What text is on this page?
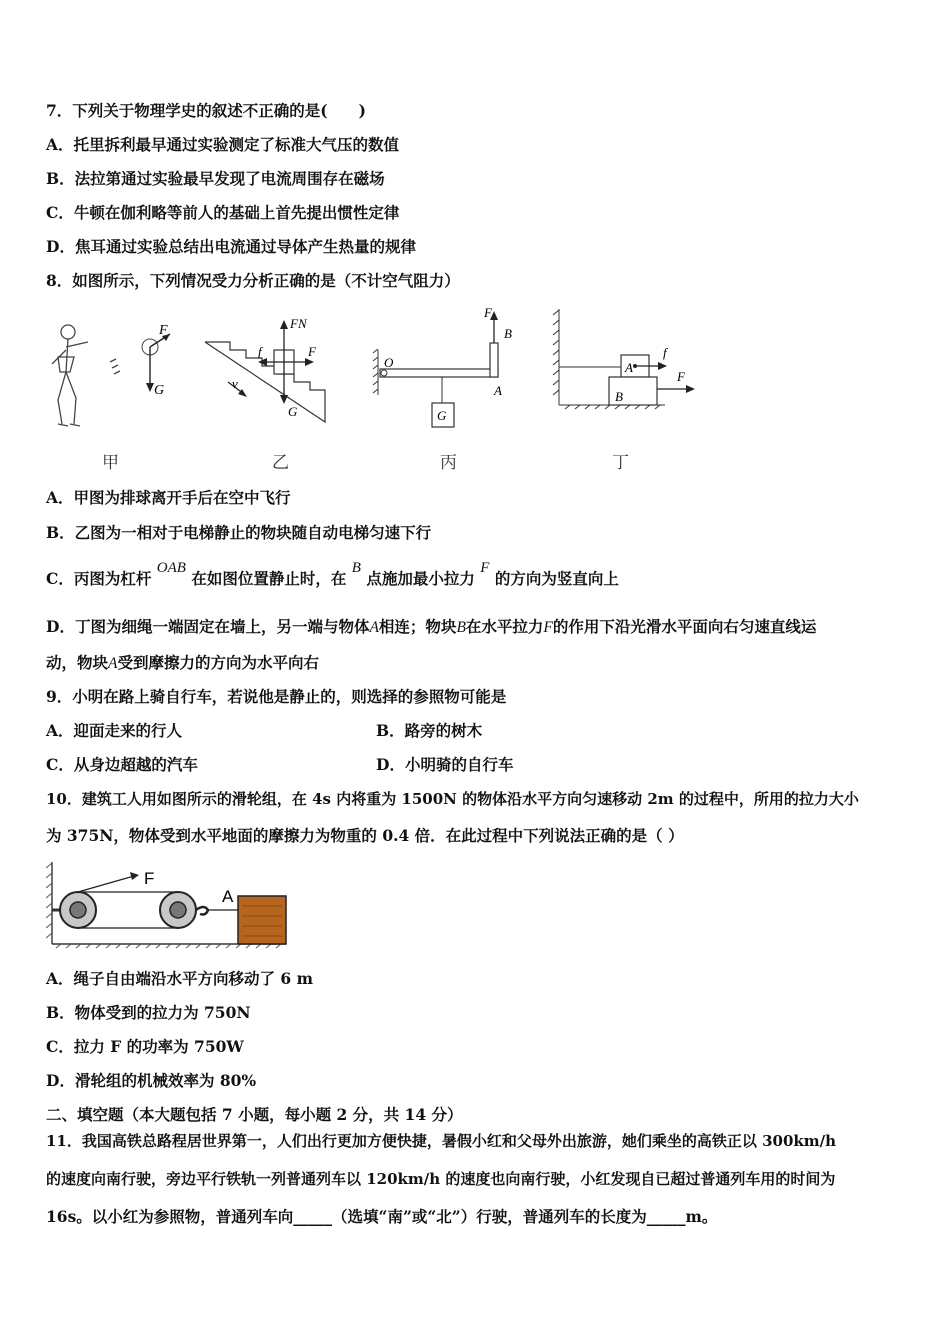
7．下列关于物理学史的叙述不正确的是(　　)
A．托里拆利最早通过实验测定了标准大气压的数值
B．法拉第通过实验最早发现了电流周围存在磁场
C．牛顿在伽利略等前人的基础上首先提出惯性定律
D．焦耳通过实验总结出电流通过导体产生热量的规律
8．如图所示，下列情况受力分析正确的是（不计空气阻力）
F
G
甲
FN
f	F
G
v
乙
F
B
O
A
G
丙
A
f
F
B
丁
A．甲图为排球离开手后在空中飞行
B．乙图为一相对于电梯静止的物块随自动电梯匀速下行
C．丙图为杠杆 OAB 在如图位置静止时，在 B 点施加最小拉力 F 的方向为竖直向上
D．丁图为细绳一端固定在墙上，另一端与物体A相连；物块B在水平拉力F的作用下沿光滑水平面向右匀速直线运
动，物块A受到摩擦力的方向为水平向右
9．小明在路上骑自行车，若说他是静止的，则选择的参照物可能是
A．迎面走来的行人	B．路旁的树木
C．从身边超越的汽车	D．小明骑的自行车
10．建筑工人用如图所示的滑轮组，在 4s 内将重为 1500N 的物体沿水平方向匀速移动 2m 的过程中，所用的拉力大小
为 375N，物体受到水平地面的摩擦力为物重的 0.4 倍．在此过程中下列说法正确的是（ ）
F
A
A．绳子自由端沿水平方向移动了 6 m
B．物体受到的拉力为 750N
C．拉力 F 的功率为 750W
D．滑轮组的机械效率为 80%
二、填空题（本大题包括 7 小题，每小题 2 分，共 14 分）
11．我国高铁总路程居世界第一，人们出行更加方便快捷，暑假小红和父母外出旅游，她们乘坐的高铁正以 300km/h
的速度向南行驶，旁边平行铁轨一列普通列车以 120km/h 的速度也向南行驶，小红发现自已超过普通列车用的时间为
16s。以小红为参照物，普通列车向_____（选填“南”或“北”）行驶，普通列车的长度为_____m。
